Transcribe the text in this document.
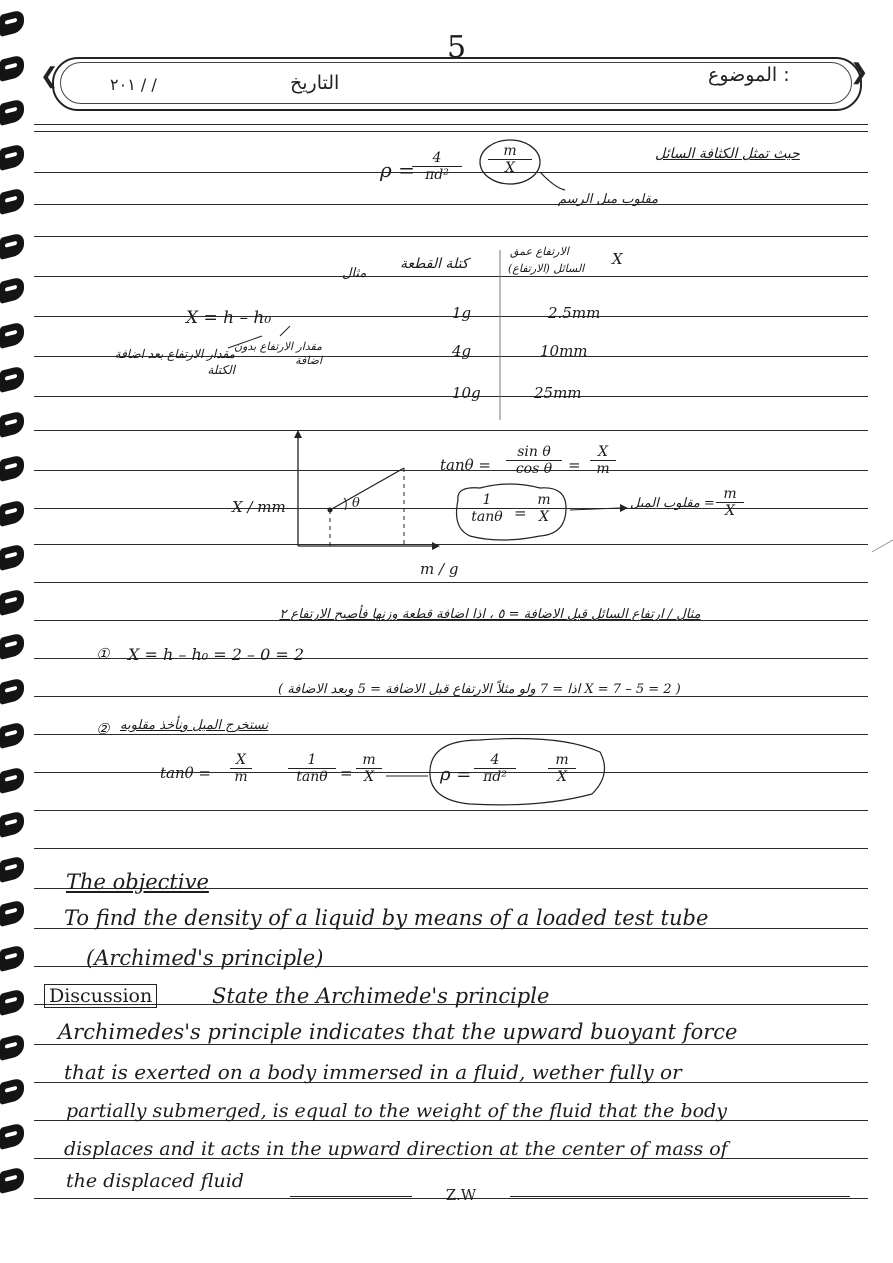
5
❮	❯
٢٠١ / /	التاريخ	الموضوع :
ρ =
$\frac{4}{\text{πd²}} \frac{m}{X}$	حيث تمثل الكثافة السائل
مقلوب ميل الرسم
مثال
كتلة القطعة
الارتفاع عمق
السائل (الارتفاع)
X
1g	2.5mm
4g	10mm
10g	25mm
X = h – h₀
مقدار الارتفاع بعد اضافة الكتلة
مقدار الارتفاع بدون اضافة
X / mm
m / g
θ
$\tan\theta = \frac{\text{sin θ}}{\text{cos θ}} = \frac{X}{m}$
$\frac{1}{\tan\theta} = \frac{m}{X}$	= مقلوب الميل $\frac{m}{X}$
مثال / ارتفاع السائل قبل الاضافة = ٥ ، اذا اضافة قطعة وزنها فأصبح الارتفاع ٢
① X = h – h₀ = 2 – 0 = 2
( X = 7 – 5 = 2 اذا = 7 ولو مثلاً الارتفاع قبل الاضافة = 5 وبعد الاضافة )
② نستخرج الميل ونأخذ مقلوبه
$\tan\theta = \frac{X}{m}$	$\frac{1}{\tan\theta} = \frac{m}{X}$	$\rho = \frac{4}{\text{πd²}} \frac{m}{X}$
The objective
To find the density of a liquid by means of a loaded test tube
(Archimed's principle)
Discussion	State the Archimede's principle
Archimedes's principle indicates that the upward buoyant force
that is exerted on a body immersed in a fluid, wether fully or
partially submerged, is equal to the weight of the fluid that the body
displaces and it acts in the upward direction at the center of mass of
the displaced fluid
Z.W
